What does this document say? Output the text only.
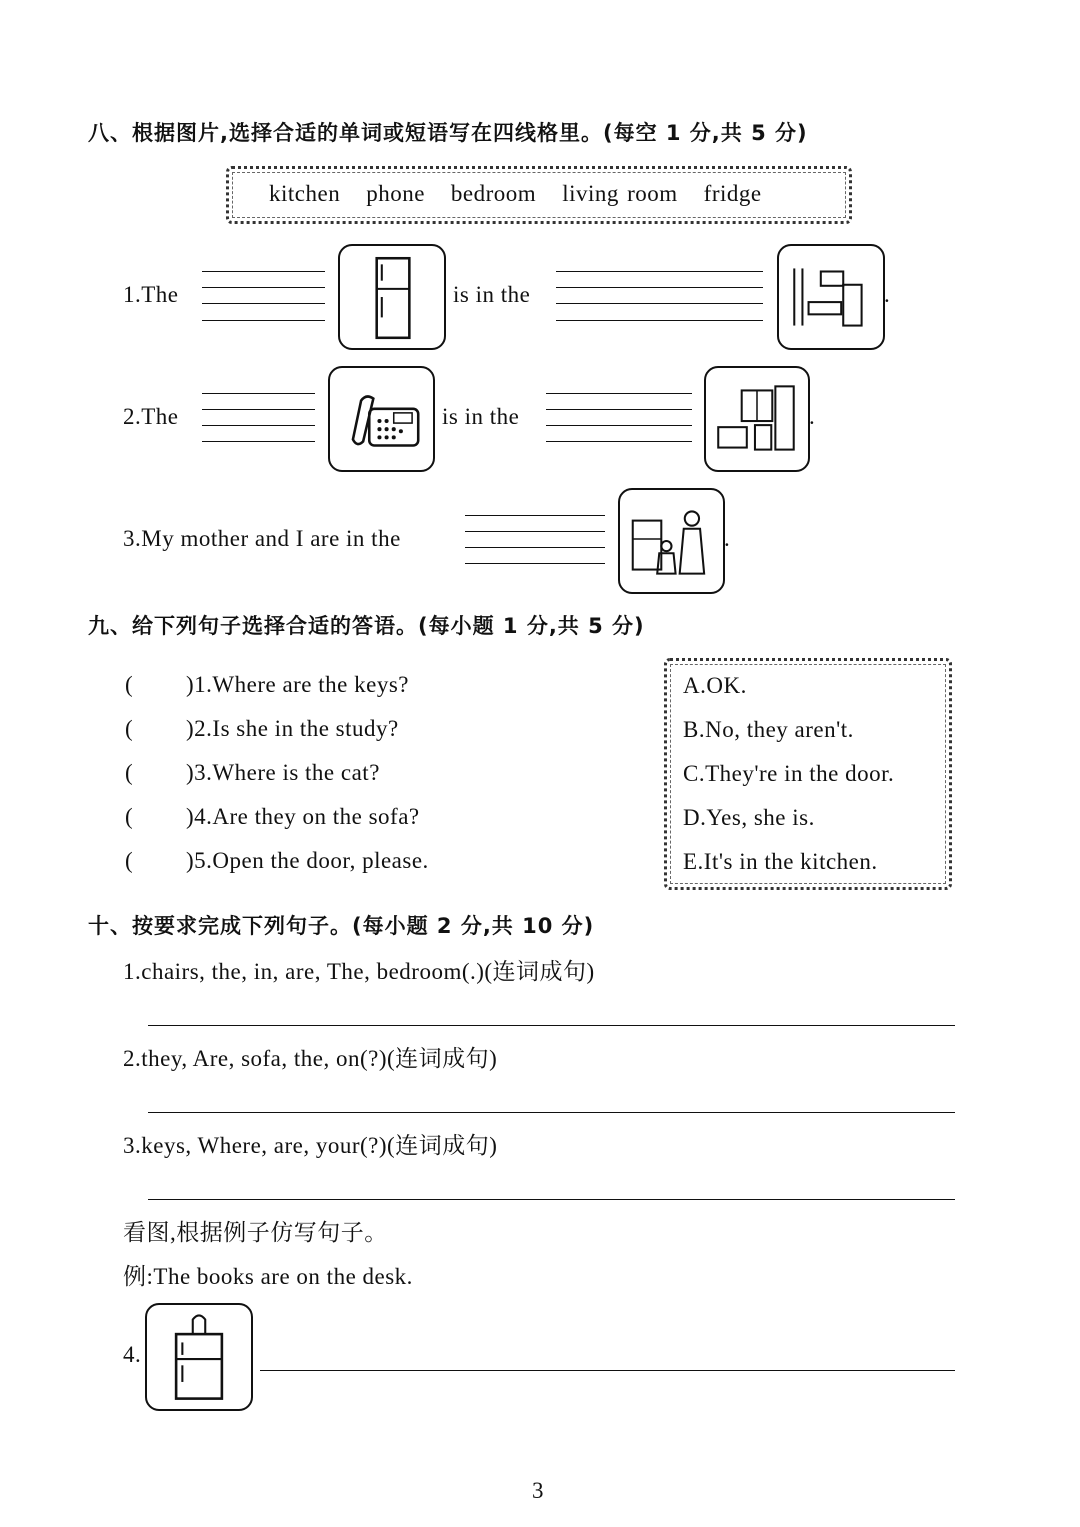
八、根据图片,选择合适的单词或短语写在四线格里。(每空 1 分,共 5 分)
kitchen phone bedroom living room fridge
1.The	is in the	.
2.The	is in the	.
3.My mother and I are in the	.
九、给下列句子选择合适的答语。(每小题 1 分,共 5 分)
( )1.Where are the keys?
( )2.Is she in the study?
( )3.Where is the cat?
( )4.Are they on the sofa?
( )5.Open the door, please.
A.OK.
B.No, they aren't.
C.They're in the door.
D.Yes, she is.
E.It's in the kitchen.
十、按要求完成下列句子。(每小题 2 分,共 10 分)
1.chairs, the, in, are, The, bedroom(.)(连词成句)
2.they, Are, sofa, the, on(?)(连词成句)
3.keys, Where, are, your(?)(连词成句)
看图,根据例子仿写句子。
例:The books are on the desk.
4.
3
